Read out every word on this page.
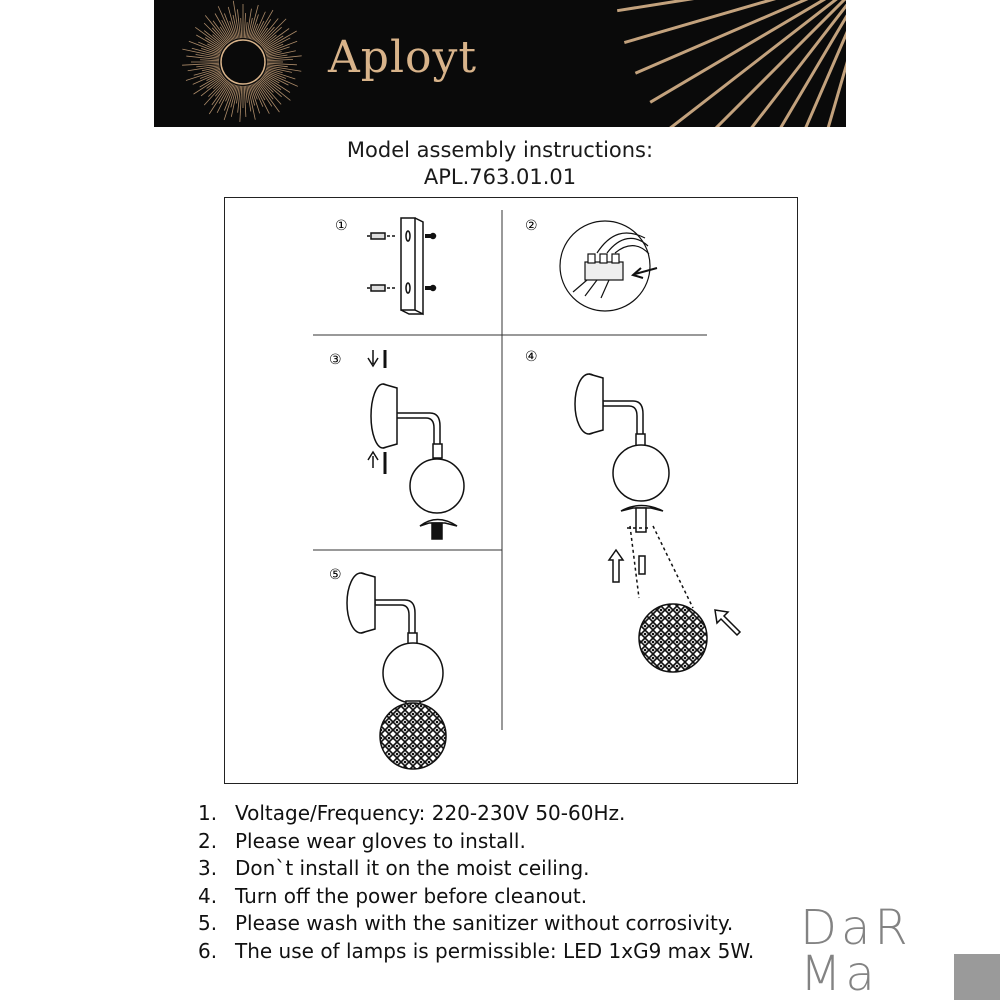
Aployt
Model assembly instructions:
APL.763.01.01
①	②
③	④
⑤
1. Voltage/Frequency: 220-230V 50-60Hz.
2. Please wear gloves to install.
3. Don`t install it on the moist ceiling.
4. Turn off the power before cleanout.
5. Please wash with the sanitizer without corrosivity.
6. The use of lamps is permissible: LED 1xG9 max 5W. DaR
Ma
